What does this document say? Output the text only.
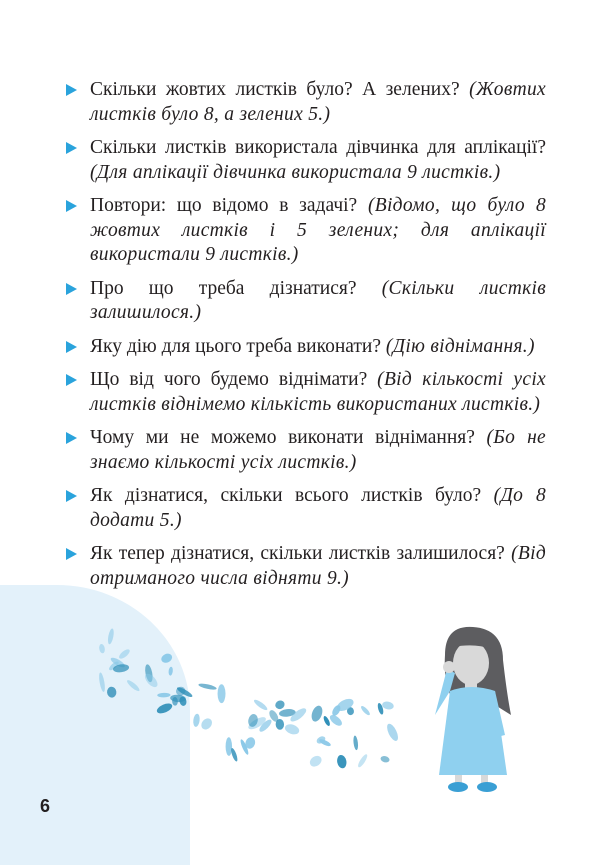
Скільки жовтих листків було? А зелених? (Жовтих листків було 8, а зелених 5.)
Скільки листків використала дівчинка для аплікації? (Для аплікації дівчинка використала 9 листків.)
Повтори: що відомо в задачі? (Відомо, що було 8 жовтих листків і 5 зелених; для аплікації використали 9 листків.)
Про що треба дізнатися? (Скільки листків залишилося.)
Яку дію для цього треба виконати? (Дію віднімання.)
Що від чого будемо віднімати? (Від кількості усіх листків віднімемо кількість використаних листків.)
Чому ми не можемо виконати віднімання? (Бо не знаємо кількості усіх листків.)
Як дізнатися, скільки всього листків було? (До 8 додати 5.)
Як тепер дізнатися, скільки листків залишилося? (Від отриманого числа відняти 9.)
6
